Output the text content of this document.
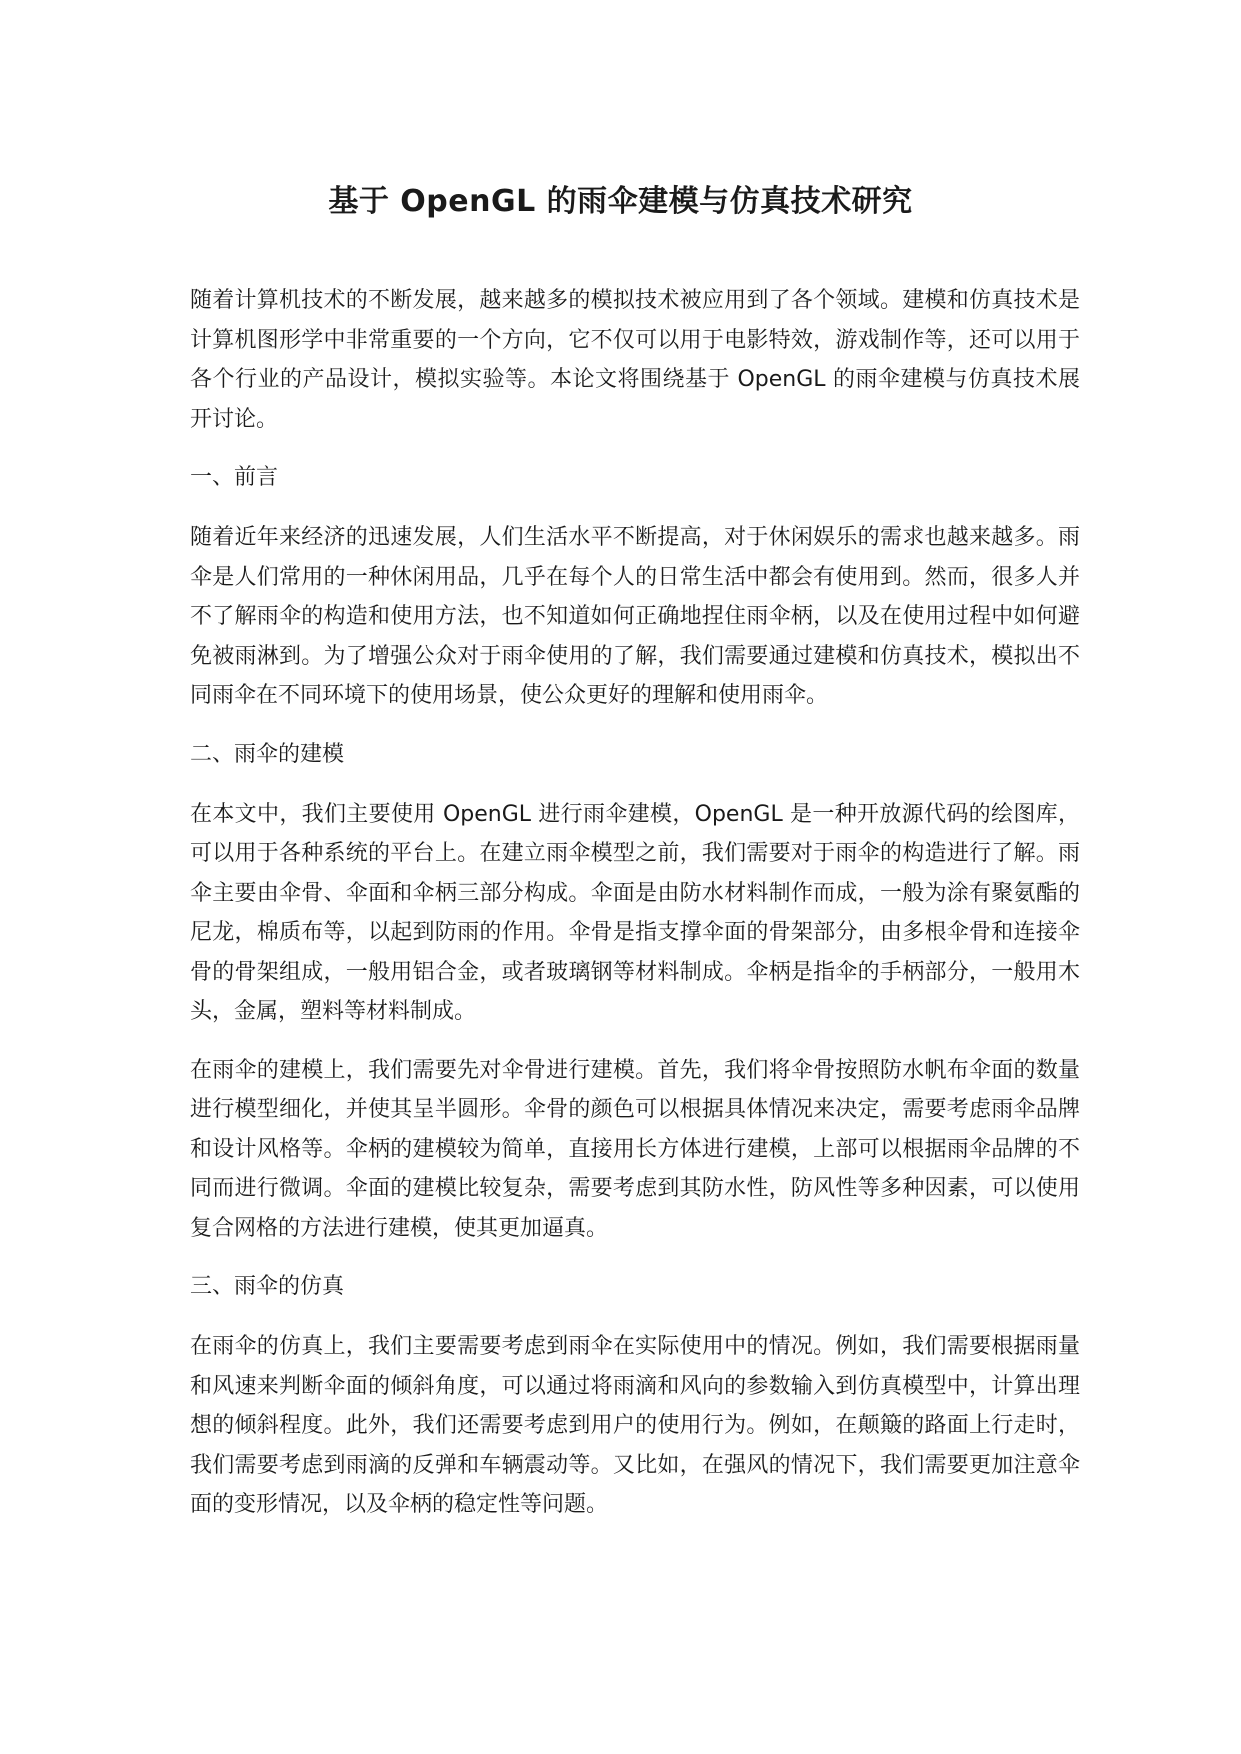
基于 OpenGL 的雨伞建模与仿真技术研究

随着计算机技术的不断发展，越来越多的模拟技术被应用到了各个领域。建模和仿真技术是计算机图形学中非常重要的一个方向，它不仅可以用于电影特效，游戏制作等，还可以用于各个行业的产品设计，模拟实验等。本论文将围绕基于 OpenGL 的雨伞建模与仿真技术展开讨论。

一、前言

随着近年来经济的迅速发展，人们生活水平不断提高，对于休闲娱乐的需求也越来越多。雨伞是人们常用的一种休闲用品，几乎在每个人的日常生活中都会有使用到。然而，很多人并不了解雨伞的构造和使用方法，也不知道如何正确地捏住雨伞柄，以及在使用过程中如何避免被雨淋到。为了增强公众对于雨伞使用的了解，我们需要通过建模和仿真技术，模拟出不同雨伞在不同环境下的使用场景，使公众更好的理解和使用雨伞。

二、雨伞的建模

在本文中，我们主要使用 OpenGL 进行雨伞建模，OpenGL 是一种开放源代码的绘图库，可以用于各种系统的平台上。在建立雨伞模型之前，我们需要对于雨伞的构造进行了解。雨伞主要由伞骨、伞面和伞柄三部分构成。伞面是由防水材料制作而成，一般为涂有聚氨酯的尼龙，棉质布等，以起到防雨的作用。伞骨是指支撑伞面的骨架部分，由多根伞骨和连接伞骨的骨架组成，一般用铝合金，或者玻璃钢等材料制成。伞柄是指伞的手柄部分，一般用木头，金属，塑料等材料制成。

在雨伞的建模上，我们需要先对伞骨进行建模。首先，我们将伞骨按照防水帆布伞面的数量进行模型细化，并使其呈半圆形。伞骨的颜色可以根据具体情况来决定，需要考虑雨伞品牌和设计风格等。伞柄的建模较为简单，直接用长方体进行建模，上部可以根据雨伞品牌的不同而进行微调。伞面的建模比较复杂，需要考虑到其防水性，防风性等多种因素，可以使用复合网格的方法进行建模，使其更加逼真。

三、雨伞的仿真

在雨伞的仿真上，我们主要需要考虑到雨伞在实际使用中的情况。例如，我们需要根据雨量和风速来判断伞面的倾斜角度，可以通过将雨滴和风向的参数输入到仿真模型中，计算出理想的倾斜程度。此外，我们还需要考虑到用户的使用行为。例如，在颠簸的路面上行走时，我们需要考虑到雨滴的反弹和车辆震动等。又比如，在强风的情况下，我们需要更加注意伞面的变形情况，以及伞柄的稳定性等问题。
